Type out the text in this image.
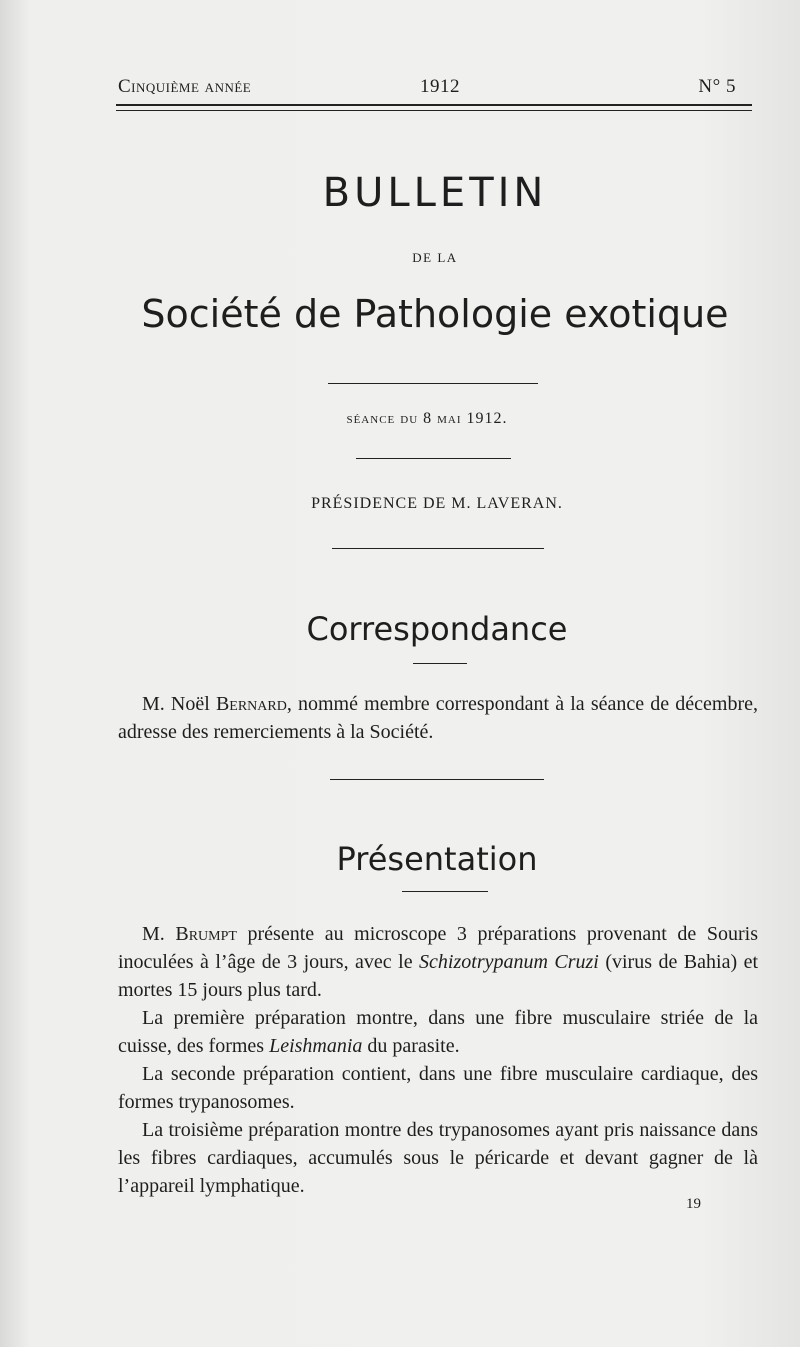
Cinquième année	1912	N° 5
BULLETIN
DE LA
Société de Pathologie exotique
séance du 8 mai 1912.
PRÉSIDENCE DE M. LAVERAN.
Correspondance

M. Noël Bernard, nommé membre correspondant à la séance de décembre, adresse des remerciements à la Société.

Présentation

M. Brumpt présente au microscope 3 préparations provenant de Souris inoculées à l’âge de 3 jours, avec le Schizotrypanum Cruzi (virus de Bahia) et mortes 15 jours plus tard.

La première préparation montre, dans une fibre musculaire striée de la cuisse, des formes Leishmania du parasite.

La seconde préparation contient, dans une fibre musculaire cardiaque, des formes trypanosomes.

La troisième préparation montre des trypanosomes ayant pris naissance dans les fibres cardiaques, accumulés sous le péricarde et devant gagner de là l’appareil lymphatique.

19
